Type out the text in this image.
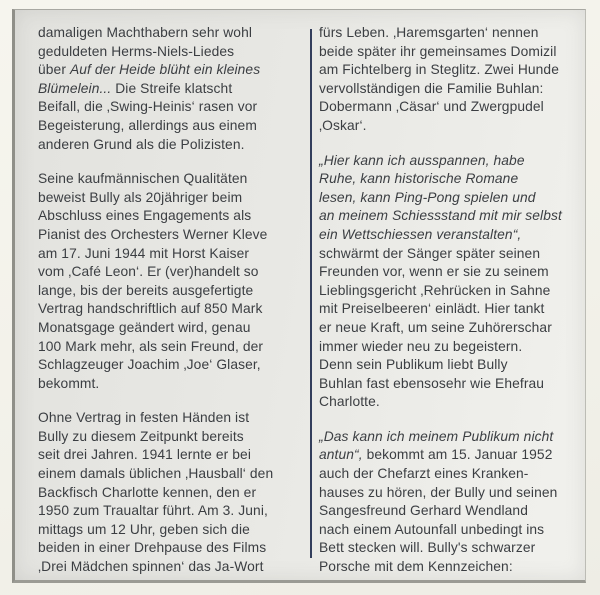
damaligen Machthabern sehr wohl
geduldeten Herms-Niels-Liedes
über Auf der Heide blüht ein kleines
Blümelein... Die Streife klatscht
Beifall, die ‚Swing-Heinis‘ rasen vor
Begeisterung, allerdings aus einem
anderen Grund als die Polizisten.
Seine kaufmännischen Qualitäten
beweist Bully als 20jähriger beim
Abschluss eines Engagements als
Pianist des Orchesters Werner Kleve
am 17. Juni 1944 mit Horst Kaiser
vom ‚Café Leon‘. Er (ver)handelt so
lange, bis der bereits ausgefertigte
Vertrag handschriftlich auf 850 Mark
Monatsgage geändert wird, genau
100 Mark mehr, als sein Freund, der
Schlagzeuger Joachim ‚Joe‘ Glaser,
bekommt.
Ohne Vertrag in festen Händen ist
Bully zu diesem Zeitpunkt bereits
seit drei Jahren. 1941 lernte er bei
einem damals üblichen ‚Hausball‘ den
Backfisch Charlotte kennen, den er
1950 zum Traualtar führt. Am 3. Juni,
mittags um 12 Uhr, geben sich die
beiden in einer Drehpause des Films
‚Drei Mädchen spinnen‘ das Ja-Wort
fürs Leben. ‚Haremsgarten‘ nennen
beide später ihr gemeinsames Domizil
am Fichtelberg in Steglitz. Zwei Hunde
vervollständigen die Familie Buhlan:
Dobermann ‚Cäsar‘ und Zwergpudel
‚Oskar‘.
„Hier kann ich ausspannen, habe
Ruhe, kann historische Romane
lesen, kann Ping-Pong spielen und
an meinem Schiessstand mit mir selbst
ein Wettschiessen veranstalten“,
schwärmt der Sänger später seinen
Freunden vor, wenn er sie zu seinem
Lieblingsgericht ‚Rehrücken in Sahne
mit Preiselbeeren‘ einlädt. Hier tankt
er neue Kraft, um seine Zuhörerschar
immer wieder neu zu begeistern.
Denn sein Publikum liebt Bully
Buhlan fast ebensosehr wie Ehefrau
Charlotte.
„Das kann ich meinem Publikum nicht
antun“, bekommt am 15. Januar 1952
auch der Chefarzt eines Kranken-
hauses zu hören, der Bully und seinen
Sangesfreund Gerhard Wendland
nach einem Autounfall unbedingt ins
Bett stecken will. Bully's schwarzer
Porsche mit dem Kennzeichen:
